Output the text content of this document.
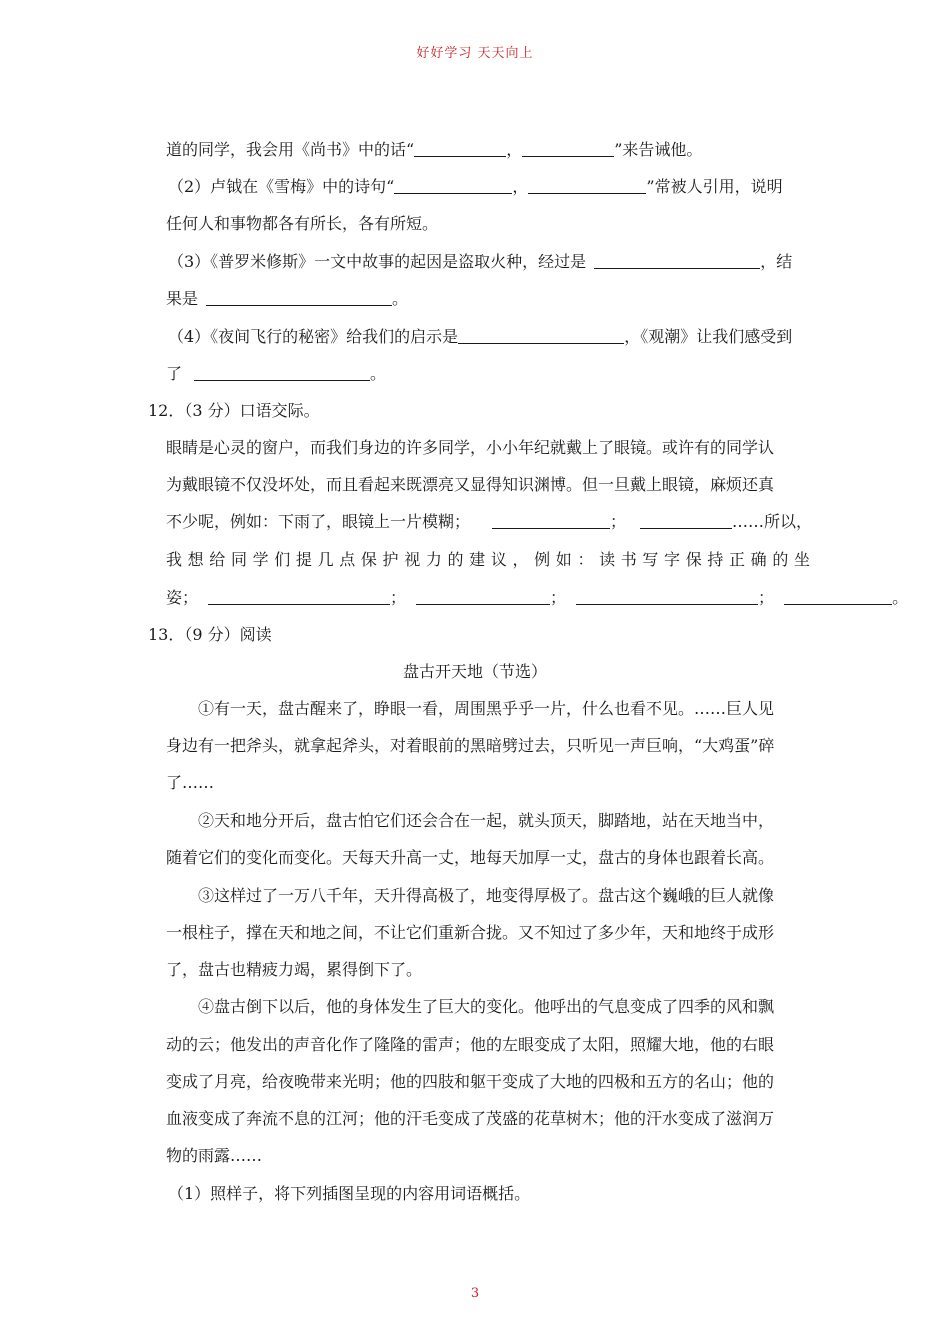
好好学习 天天向上
道的同学，我会用《尚书》中的话“	，	”来告诫他。
（2）卢钺在《雪梅》中的诗句“	，	”常被人引用，说明
任何人和事物都各有所长，各有所短。
（3）《普罗米修斯》一文中故事的起因是盗取火种，经过是	，结
果是	。
（4）《夜间飞行的秘密》给我们的启示是	，《观潮》让我们感受到
了	。
12．（3 分）口语交际。
眼睛是心灵的窗户，而我们身边的许多同学，小小年纪就戴上了眼镜。或许有的同学认
为戴眼镜不仅没坏处，而且看起来既漂亮又显得知识渊博。但一旦戴上眼镜，麻烦还真
不少呢，例如：下雨了，眼镜上一片模糊；	；	……所以，
我想给同学们提几点保护视力的建议，例如：读书写字保持正确的坐
姿；	；	；	；	。
13．（9 分）阅读
盘古开天地（节选）
①有一天，盘古醒来了，睁眼一看，周围黑乎乎一片，什么也看不见。……巨人见
身边有一把斧头，就拿起斧头，对着眼前的黑暗劈过去，只听见一声巨响，“大鸡蛋”碎
了……
②天和地分开后，盘古怕它们还会合在一起，就头顶天，脚踏地，站在天地当中，
随着它们的变化而变化。天每天升高一丈，地每天加厚一丈，盘古的身体也跟着长高。
③这样过了一万八千年，天升得高极了，地变得厚极了。盘古这个巍峨的巨人就像
一根柱子，撑在天和地之间，不让它们重新合拢。又不知过了多少年，天和地终于成形
了，盘古也精疲力竭，累得倒下了。
④盘古倒下以后，他的身体发生了巨大的变化。他呼出的气息变成了四季的风和飘
动的云；他发出的声音化作了隆隆的雷声；他的左眼变成了太阳，照耀大地，他的右眼
变成了月亮，给夜晚带来光明；他的四肢和躯干变成了大地的四极和五方的名山；他的
血液变成了奔流不息的江河；他的汗毛变成了茂盛的花草树木；他的汗水变成了滋润万
物的雨露……
（1）照样子，将下列插图呈现的内容用词语概括。
3
